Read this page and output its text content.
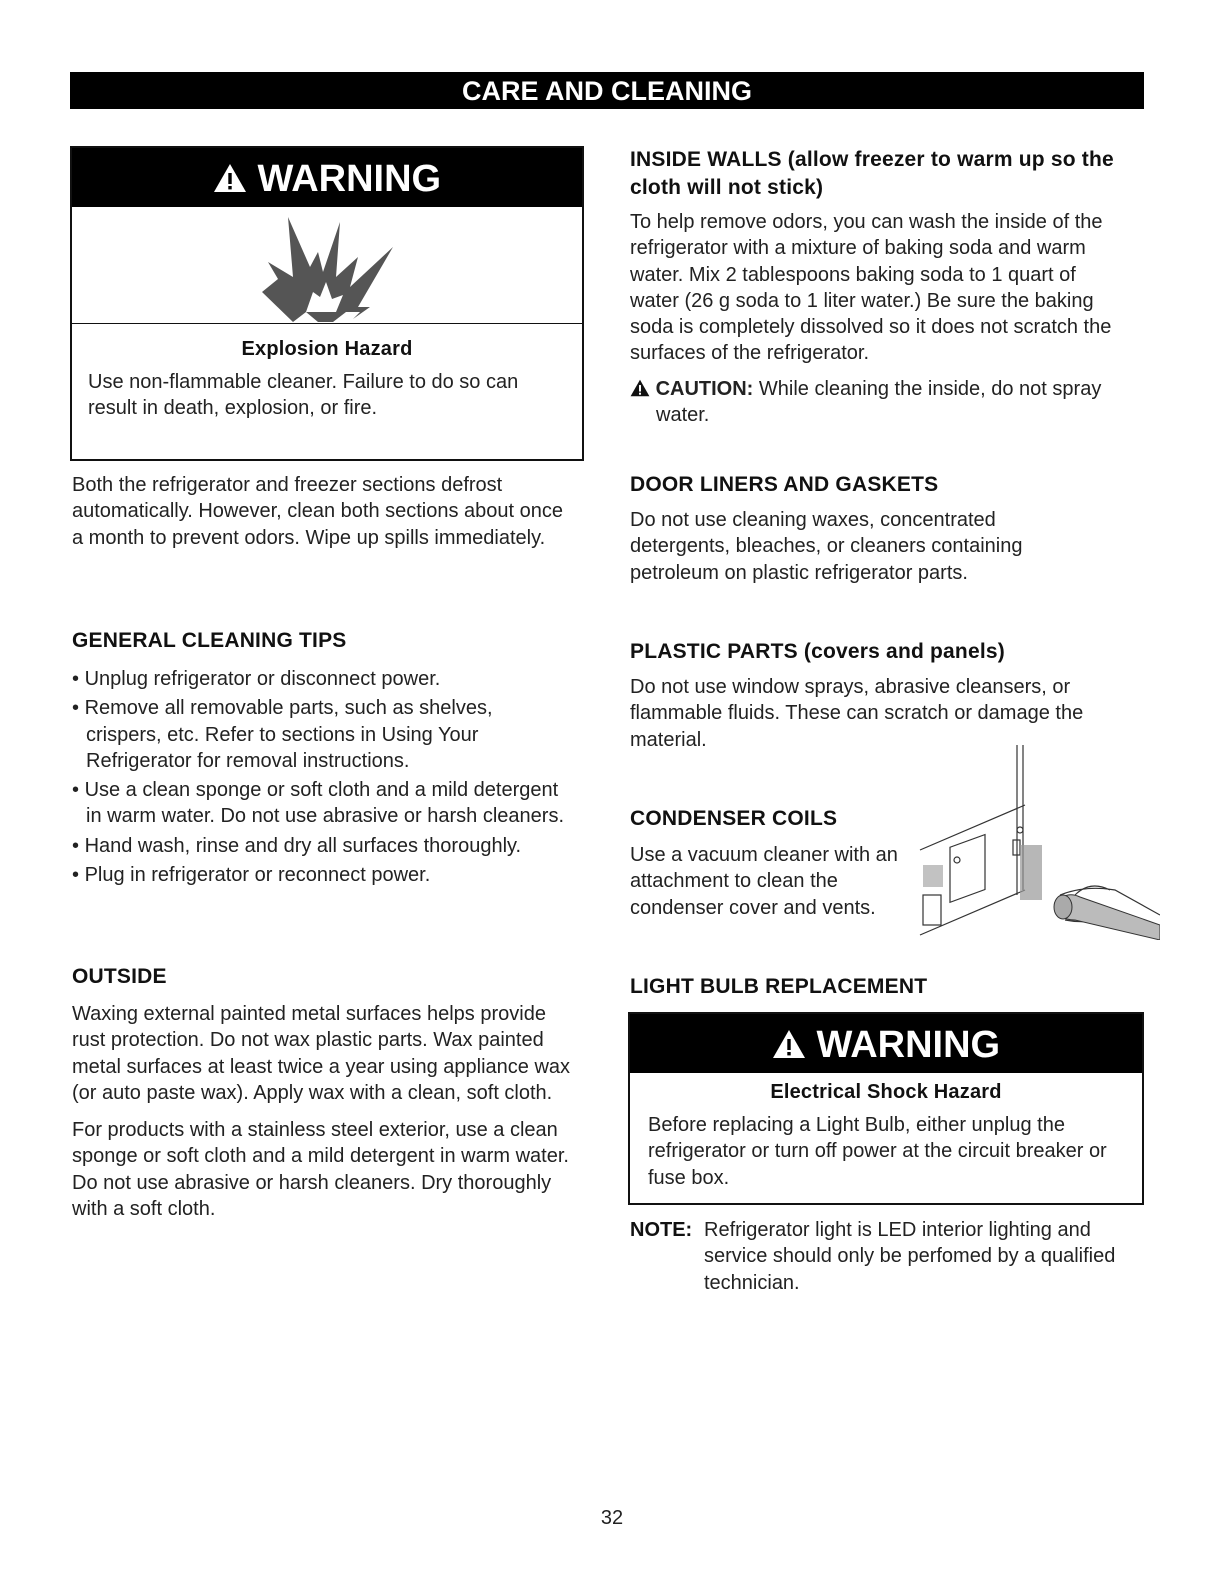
CARE AND CLEANING
WARNING
Explosion Hazard
Use non-flammable cleaner. Failure to do so can result in death, explosion, or fire.
Both the refrigerator and freezer sections defrost automatically. However, clean both sections about once a month to prevent odors. Wipe up spills immediately.
GENERAL CLEANING TIPS
• Unplug refrigerator or disconnect power.
• Remove all removable parts, such as shelves, crispers, etc. Refer to sections in Using Your Refrigerator for removal instructions.
• Use a clean sponge or soft cloth and a mild detergent in warm water. Do not use abrasive or harsh cleaners.
• Hand wash, rinse and dry all surfaces thoroughly.
• Plug in refrigerator or reconnect power.
OUTSIDE

Waxing external painted metal surfaces helps provide rust protection. Do not wax plastic parts. Wax painted metal surfaces at least twice a year using appliance wax (or auto paste wax). Apply wax with a clean, soft cloth.

For products with a stainless steel exterior, use a clean sponge or soft cloth and a mild detergent in warm water. Do not use abrasive or harsh cleaners. Dry thoroughly with a soft cloth.

INSIDE WALLS (allow freezer to warm up so the cloth will not stick)
To help remove odors, you can wash the inside of the refrigerator with a mixture of baking soda and warm water. Mix 2 tablespoons baking soda to 1 quart of water (26 g soda to 1 liter water.) Be sure the baking soda is completely dissolved so it does not scratch the surfaces of the refrigerator.
CAUTION: While cleaning the inside, do not spray water.
DOOR LINERS AND GASKETS
Do not use cleaning waxes, concentrated detergents, bleaches, or cleaners containing petroleum on plastic refrigerator parts.
PLASTIC PARTS (covers and panels)
Do not use window sprays, abrasive cleansers, or flammable fluids. These can scratch or damage the material.
CONDENSER COILS
Use a vacuum cleaner with an attachment to clean the condenser cover and vents.
LIGHT BULB REPLACEMENT
WARNING
Electrical Shock Hazard
Before replacing a Light Bulb, either unplug the refrigerator or turn off power at the circuit breaker or fuse box.
NOTE: Refrigerator light is LED interior lighting and service should only be perfomed by a qualified technician.
32
